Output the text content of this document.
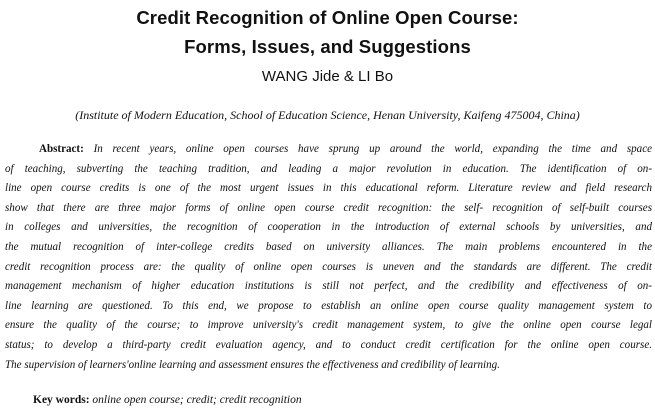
Credit Recognition of Online Open Course:
Forms, Issues, and Suggestions
WANG Jide & LI Bo
(Institute of Modern Education, School of Education Science, Henan University, Kaifeng 475004, China)
Abstract: In recent years, online open courses have sprung up around the world, expanding the time and space
of teaching, subverting the teaching tradition, and leading a major revolution in education. The identification of on-
line open course credits is one of the most urgent issues in this educational reform. Literature review and field research
show that there are three major forms of online open course credit recognition: the self- recognition of self-built courses
in colleges and universities, the recognition of cooperation in the introduction of external schools by universities, and
the mutual recognition of inter-college credits based on university alliances. The main problems encountered in the
credit recognition process are: the quality of online open courses is uneven and the standards are different. The credit
management mechanism of higher education institutions is still not perfect, and the credibility and effectiveness of on-
line learning are questioned. To this end, we propose to establish an online open course quality management system to
ensure the quality of the course; to improve university's credit management system, to give the online open course legal
status; to develop a third-party credit evaluation agency, and to conduct credit certification for the online open course.
The supervision of learners'online learning and assessment ensures the effectiveness and credibility of learning.
Key words: online open course; credit; credit recognition
